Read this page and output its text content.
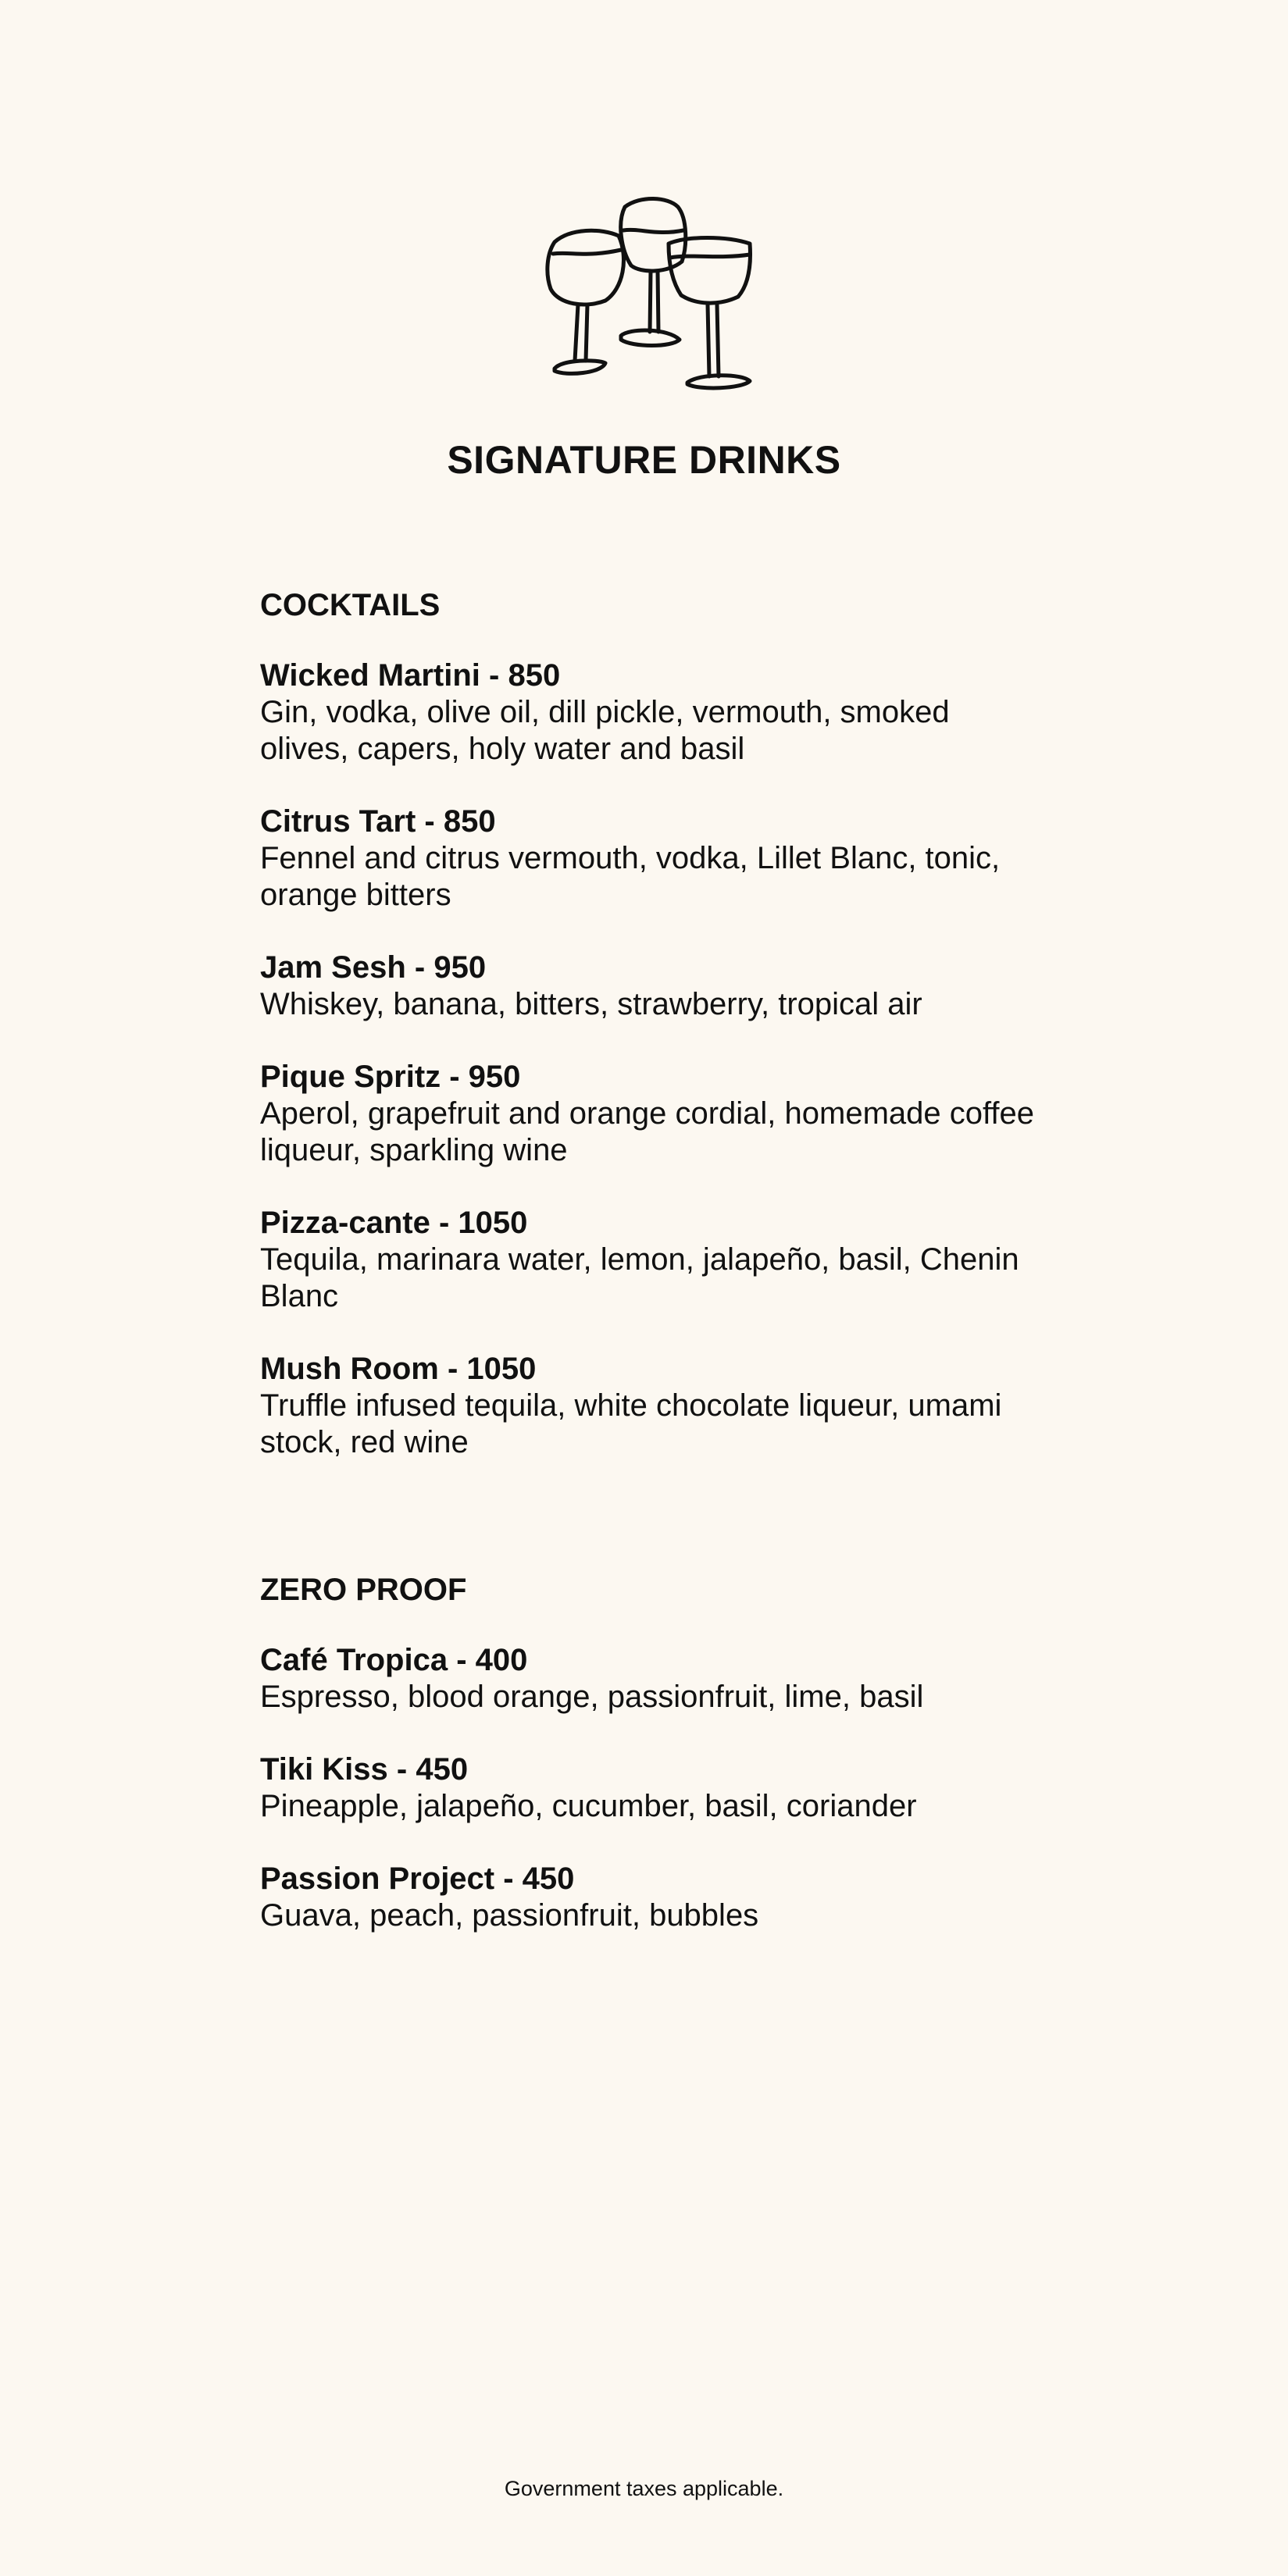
SIGNATURE DRINKS
COCKTAILS
Wicked Martini - 850
Gin, vodka, olive oil, dill pickle, vermouth, smoked olives, capers, holy water and basil
Citrus Tart - 850
Fennel and citrus vermouth, vodka, Lillet Blanc, tonic, orange bitters
Jam Sesh - 950
Whiskey, banana, bitters, strawberry, tropical air
Pique Spritz - 950
Aperol, grapefruit and orange cordial, homemade coffee liqueur, sparkling wine
Pizza-cante - 1050
Tequila, marinara water, lemon, jalapeño, basil, Chenin Blanc
Mush Room - 1050
Truffle infused tequila, white chocolate liqueur, umami stock, red wine
ZERO PROOF
Café Tropica - 400
Espresso, blood orange, passionfruit, lime, basil
Tiki Kiss - 450
Pineapple, jalapeño, cucumber, basil, coriander
Passion Project - 450
Guava, peach, passionfruit, bubbles
Government taxes applicable.
